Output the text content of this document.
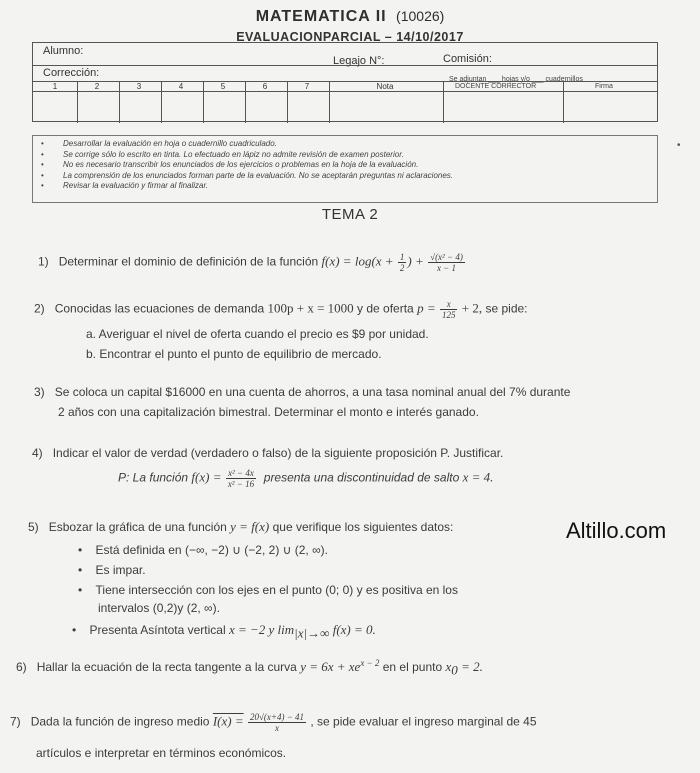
MATEMATICA II (10026)
EVALUACIONPARCIAL – 14/10/2017
Alumno:
Legajo N°:	Comisión:
Corrección:
Se adjuntan ___ hojas y/o ___ cuadernillos
1	2	3	4	5	6	7	Nota	DOCENTE CORRECTOR	Firma
• Desarrollar la evaluación en hoja o cuadernillo cuadriculado.
• Se corrige sólo lo escrito en tinta. Lo efectuado en lápiz no admite revisión de examen posterior.
• No es necesario transcribir los enunciados de los ejercicios o problemas en la hoja de la evaluación.
• La comprensión de los enunciados forman parte de la evaluación. No se aceptarán preguntas ni aclaraciones.
• Revisar la evaluación y firmar al finalizar.
•
TEMA 2
1) Determinar el dominio de definición de la función $f(x) = \log(x + \frac{1}{2}$ ) + $\frac{\text{√(x² − 4)}}{x - 1}$
2) Conocidas las ecuaciones de demanda 100p + x = 1000 y de oferta $p = \frac{x}{125} + 2$, se pide:
a. Averiguar el nivel de oferta cuando el precio es $9 por unidad.
b. Encontrar el punto el punto de equilibrio de mercado.
3) Se coloca un capital $16000 en una cuenta de ahorros, a una tasa nominal anual del 7% durante
2 años con una capitalización bimestral. Determinar el monto e interés ganado.
4) Indicar el valor de verdad (verdadero o falso) de la siguiente proposición P. Justificar.
P: La función $f(x) = \frac{\text{x² − 4x}}{\text{x² − 16}}$ presenta una discontinuidad de salto x = 4.
5) Esbozar la gráfica de una función y = f(x) que verifique los siguientes datos:
•    Está definida en (−∞, −2) ∪ (−2, 2) ∪ (2, ∞).
•    Es impar.
•    Tiene intersección con los ejes en el punto (0; 0) y es positiva en los
intervalos (0,2)y (2, ∞).
•    Presenta Asíntota vertical x = −2 y lim|x|→∞ f(x) = 0.
Altillo.com
6) Hallar la ecuación de la recta tangente a la curva $y = 6x + xe^{x - 2}$ en el punto x0 = 2.
7) Dada la función de ingreso medio $I(x) = \frac{20√(x+4) - 41}{x}$ , se pide evaluar el ingreso marginal de 45
artículos e interpretar en términos económicos.
